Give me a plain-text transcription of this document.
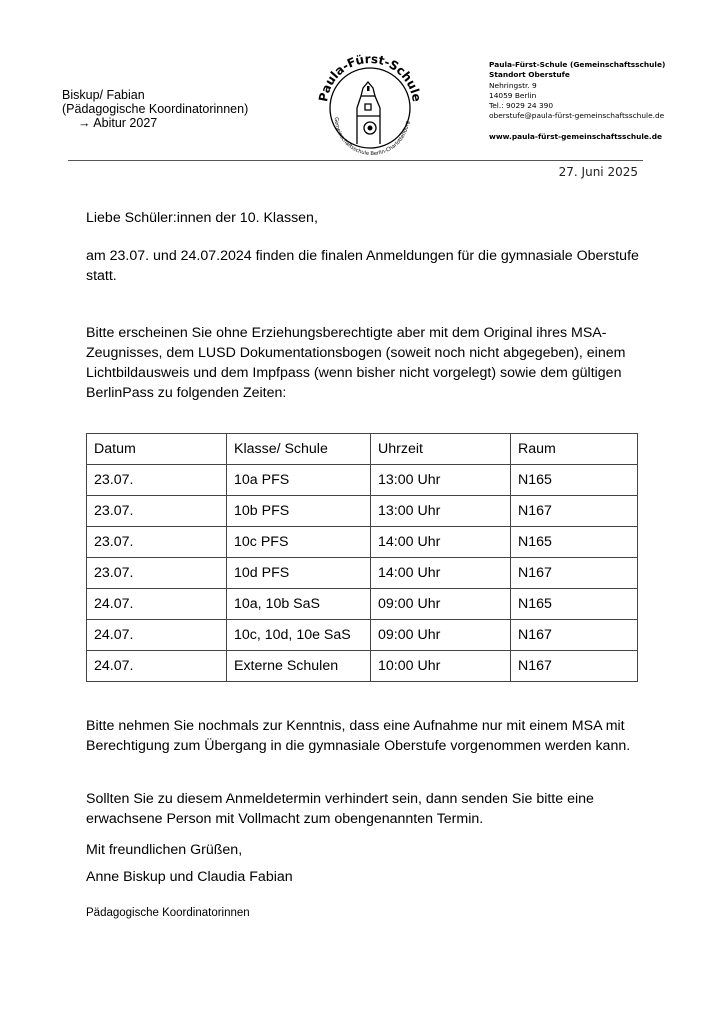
Biskup/ Fabian
(Pädagogische Koordinatorinnen)
→ Abitur 2027
Paula-Fürst-Schule
Gemeinschaftsschule Berlin-Charlottenburg
Paula-Fürst-Schule (Gemeinschaftsschule)
Standort Oberstufe
Nehringstr. 9
14059 Berlin
Tel.: 9029 24 390
oberstufe@paula-fürst-gemeinschaftsschule.de
www.paula-fürst-gemeinschaftsschule.de
27. Juni 2025
Liebe Schüler:innen der 10. Klassen,
am 23.07. und 24.07.2024 finden die finalen Anmeldungen für die gymnasiale Oberstufe statt.
Bitte erscheinen Sie ohne Erziehungsberechtigte aber mit dem Original ihres MSA-Zeugnisses, dem LUSD Dokumentationsbogen (soweit noch nicht abgegeben), einem Lichtbildausweis und dem Impfpass (wenn bisher nicht vorgelegt) sowie dem gültigen BerlinPass zu folgenden Zeiten:
Datum	Klasse/ Schule	Uhrzeit	Raum
23.07.	10a PFS	13:00 Uhr	N165
23.07.	10b PFS	13:00 Uhr	N167
23.07.	10c PFS	14:00 Uhr	N165
23.07.	10d PFS	14:00 Uhr	N167
24.07.	10a, 10b SaS	09:00 Uhr	N165
24.07.	10c, 10d, 10e SaS	09:00 Uhr	N167
24.07.	Externe Schulen	10:00 Uhr	N167
Bitte nehmen Sie nochmals zur Kenntnis, dass eine Aufnahme nur mit einem MSA mit Berechtigung zum Übergang in die gymnasiale Oberstufe vorgenommen werden kann.
Sollten Sie zu diesem Anmeldetermin verhindert sein, dann senden Sie bitte eine erwachsene Person mit Vollmacht zum obengenannten Termin.
Mit freundlichen Grüßen,
Anne Biskup und Claudia Fabian
Pädagogische Koordinatorinnen
